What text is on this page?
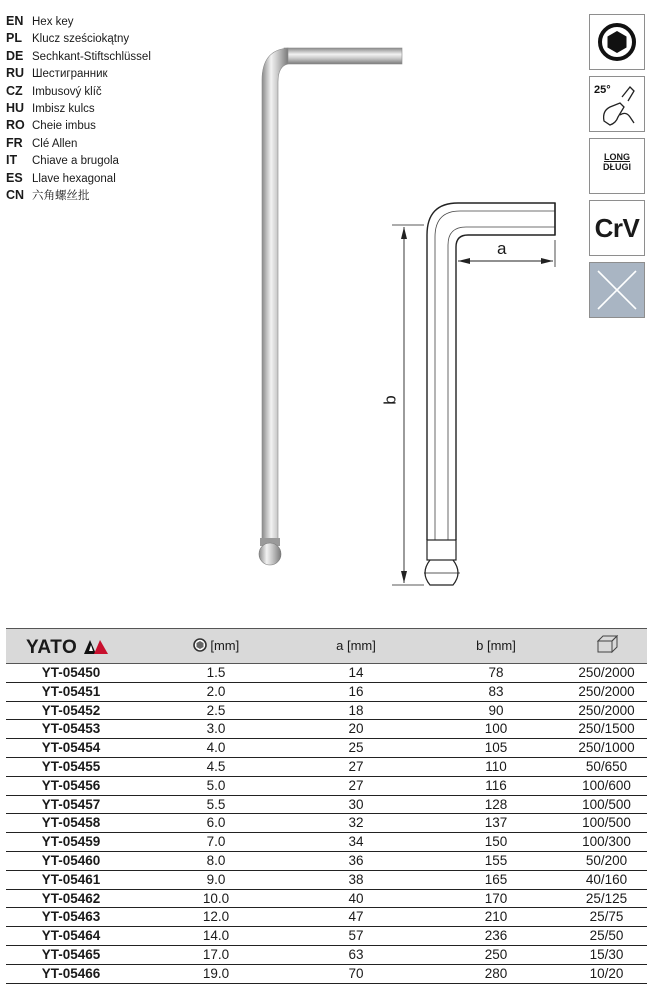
EN Hex key
PL Klucz sześciokątny
DE Sechkant-Stiftschlüssel
RU Шестигранник
CZ Imbusový klíč
HU Imbisz kulcs
RO Cheie imbus
FR Clé Allen
IT Chiave a brugola
ES Llave hexagonal
CN 六角螺丝批
a
b
25°
LONG
DŁUGI
CrV
YATO	[mm]	a [mm]	b [mm]
YT-05450	1.5	14	78	250/2000
YT-05451	2.0	16	83	250/2000
YT-05452	2.5	18	90	250/2000
YT-05453	3.0	20	100	250/1500
YT-05454	4.0	25	105	250/1000
YT-05455	4.5	27	110	50/650
YT-05456	5.0	27	116	100/600
YT-05457	5.5	30	128	100/500
YT-05458	6.0	32	137	100/500
YT-05459	7.0	34	150	100/300
YT-05460	8.0	36	155	50/200
YT-05461	9.0	38	165	40/160
YT-05462	10.0	40	170	25/125
YT-05463	12.0	47	210	25/75
YT-05464	14.0	57	236	25/50
YT-05465	17.0	63	250	15/30
YT-05466	19.0	70	280	10/20
